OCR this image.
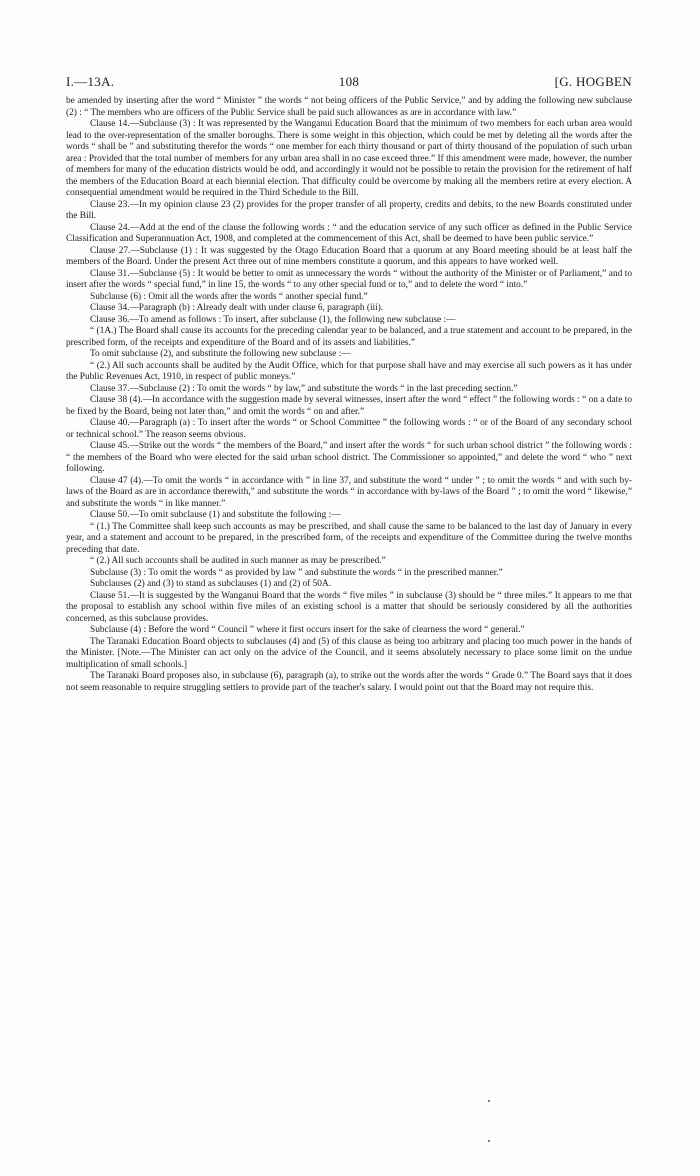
I.—13A.	108	[G. HOGBEN

be amended by inserting after the word “ Minister ” the words “ not being officers of the Public Service,” and by adding the following new subclause (2) : “ The members who are officers of the Public Service shall be paid such allowances as are in accordance with law.”

Clause 14.—Subclause (3) : It was represented by the Wanganui Education Board that the minimum of two members for each urban area would lead to the over-representation of the smaller boroughs. There is some weight in this objection, which could be met by deleting all the words after the words “ shall be ” and substituting therefor the words “ one member for each thirty thousand or part of thirty thousand of the population of such urban area : Provided that the total number of members for any urban area shall in no case exceed three.” If this amendment were made, however, the number of members for many of the education districts would be odd, and accordingly it would not be possible to retain the provision for the retirement of half the members of the Education Board at each biennial election. That difficulty could be overcome by making all the members retire at every election. A consequential amendment would be required in the Third Schedule to the Bill.

Clause 23.—In my opinion clause 23 (2) provides for the proper transfer of all property, credits and debits, to the new Boards constituted under the Bill.

Clause 24.—Add at the end of the clause the following words : “ and the education service of any such officer as defined in the Public Service Classification and Superannuation Act, 1908, and completed at the commencement of this Act, shall be deemed to have been public service.”

Clause 27.—Subclause (1) : It was suggested by the Otago Education Board that a quorum at any Board meeting should be at least half the members of the Board. Under the present Act three out of nine members constitute a quorum, and this appears to have worked well.

Clause 31.—Subclause (5) : It would be better to omit as unnecessary the words “ without the authority of the Minister or of Parliament,” and to insert after the words “ special fund,” in line 15, the words “ to any other special fund or to,” and to delete the word “ into.”

Subclause (6) : Omit all the words after the words “ another special fund.”

Clause 34.—Paragraph (b) : Already dealt with under clause 6, paragraph (iii).

Clause 36.—To amend as follows : To insert, after subclause (1), the following new subclause :—

“ (1A.) The Board shall cause its accounts for the preceding calendar year to be balanced, and a true statement and account to be prepared, in the prescribed form, of the receipts and expenditure of the Board and of its assets and liabilities.”

To omit subclause (2), and substitute the following new subclause :—

“ (2.) All such accounts shall be audited by the Audit Office, which for that purpose shall have and may exercise all such powers as it has under the Public Revenues Act, 1910, in respect of public moneys.”

Clause 37.—Subclause (2) : To omit the words “ by law,” and substitute the words “ in the last preceding section.”

Clause 38 (4).—In accordance with the suggestion made by several witnesses, insert after the word “ effect ” the following words : “ on a date to be fixed by the Board, being not later than,” and omit the words “ on and after.”

Clause 40.—Paragraph (a) : To insert after the words “ or School Committee ” the following words : “ or of the Board of any secondary school or technical school.” The reason seems obvious.

Clause 45.—Strike out the words “ the members of the Board,” and insert after the words “ for such urban school district ” the following words : “ the members of the Board who were elected for the said urban school district. The Commissioner so appointed,” and delete the word “ who ” next following.

Clause 47 (4).—To omit the words “ in accordance with ” in line 37, and substitute the word “ under ” ; to omit the words “ and with such by-laws of the Board as are in accordance therewith,” and substitute the words “ in accordance with by-laws of the Board ” ; to omit the word “ likewise,” and substitute the words “ in like manner.”

Clause 50.—To omit subclause (1) and substitute the following :—

“ (1.) The Committee shall keep such accounts as may be prescribed, and shall cause the same to be balanced to the last day of January in every year, and a statement and account to be prepared, in the prescribed form, of the receipts and expenditure of the Committee during the twelve months preceding that date.

“ (2.) All such accounts shall be audited in such manner as may be prescribed.”

Subclause (3) : To omit the words “ as provided by law ” and substitute the words “ in the prescribed manner.”

Subclauses (2) and (3) to stand as subclauses (1) and (2) of 50A.

Clause 51.—It is suggested by the Wanganui Board that the words “ five miles ” in subclause (3) should be “ three miles.” It appears to me that the proposal to establish any school within five miles of an existing school is a matter that should be seriously considered by all the authorities concerned, as this subclause provides.

Subclause (4) : Before the word “ Council ” where it first occurs insert for the sake of clearness the word “ general.”

The Taranaki Education Board objects to subclauses (4) and (5) of this clause as being too arbitrary and placing too much power in the hands of the Minister. [Note.—The Minister can act only on the advice of the Council, and it seems absolutely necessary to place some limit on the undue multiplication of small schools.]

The Taranaki Board proposes also, in subclause (6), paragraph (a), to strike out the words after the words “ Grade 0.” The Board says that it does not seem reasonable to require struggling settlers to provide part of the teacher's salary. I would point out that the Board may not require this.
